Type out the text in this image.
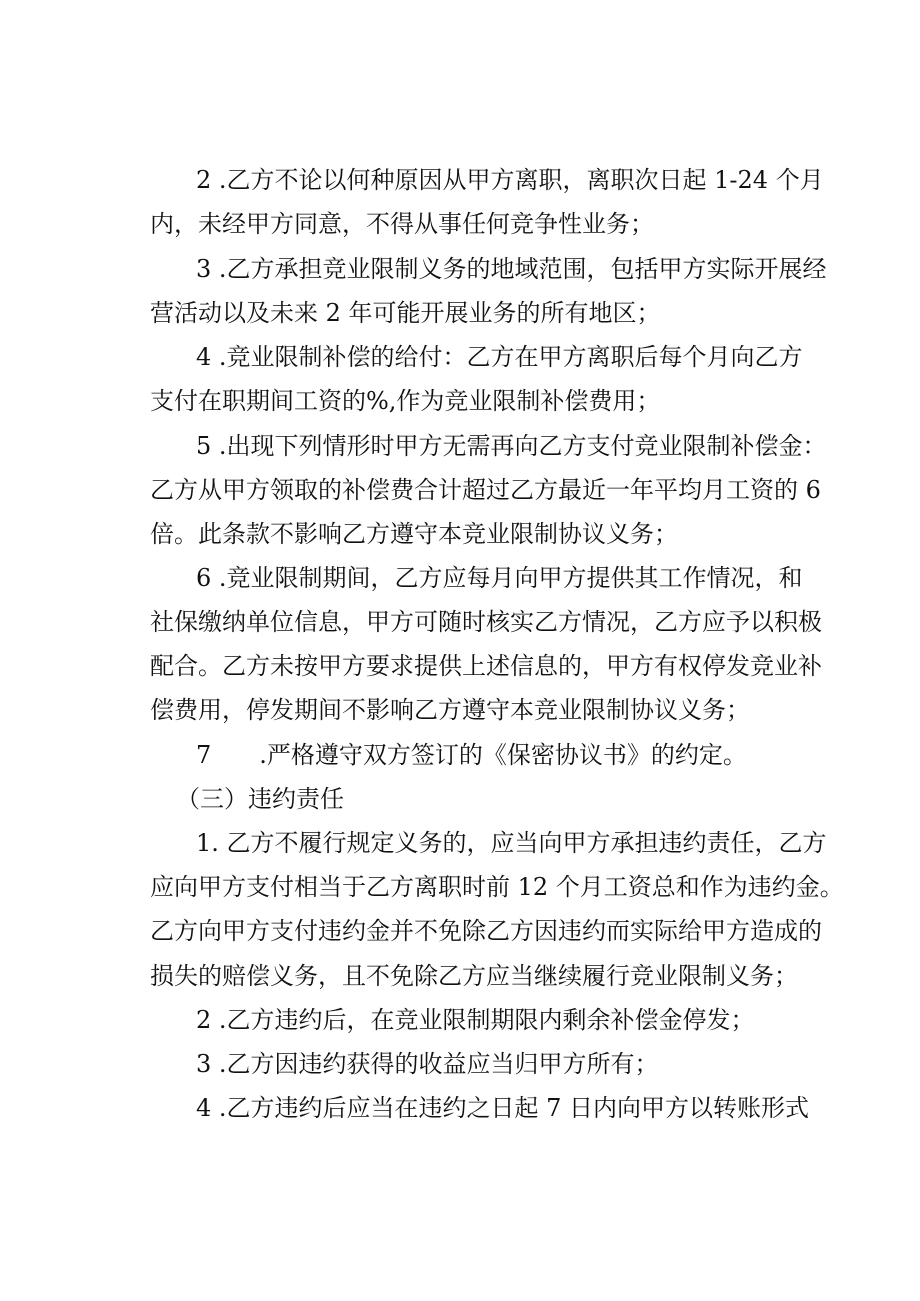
2 .乙方不论以何种原因从甲方离职，离职次日起 1-24 个月
内，未经甲方同意，不得从事任何竞争性业务；
3 .乙方承担竞业限制义务的地域范围，包括甲方实际开展经
营活动以及未来 2 年可能开展业务的所有地区；
4 .竞业限制补偿的给付：乙方在甲方离职后每个月向乙方
支付在职期间工资的%,作为竞业限制补偿费用；
5 .出现下列情形时甲方无需再向乙方支付竞业限制补偿金：
乙方从甲方领取的补偿费合计超过乙方最近一年平均月工资的 6
倍。此条款不影响乙方遵守本竞业限制协议义务；
6 .竞业限制期间，乙方应每月向甲方提供其工作情况，和
社保缴纳单位信息，甲方可随时核实乙方情况，乙方应予以积极
配合。乙方未按甲方要求提供上述信息的，甲方有权停发竞业补
偿费用，停发期间不影响乙方遵守本竞业限制协议义务；
7　　.严格遵守双方签订的《保密协议书》的约定。
（三）违约责任
1. 乙方不履行规定义务的，应当向甲方承担违约责任，乙方
应向甲方支付相当于乙方离职时前 12 个月工资总和作为违约金。
乙方向甲方支付违约金并不免除乙方因违约而实际给甲方造成的
损失的赔偿义务，且不免除乙方应当继续履行竞业限制义务；
2 .乙方违约后，在竞业限制期限内剩余补偿金停发；
3 .乙方因违约获得的收益应当归甲方所有；
4 .乙方违约后应当在违约之日起 7 日内向甲方以转账形式
